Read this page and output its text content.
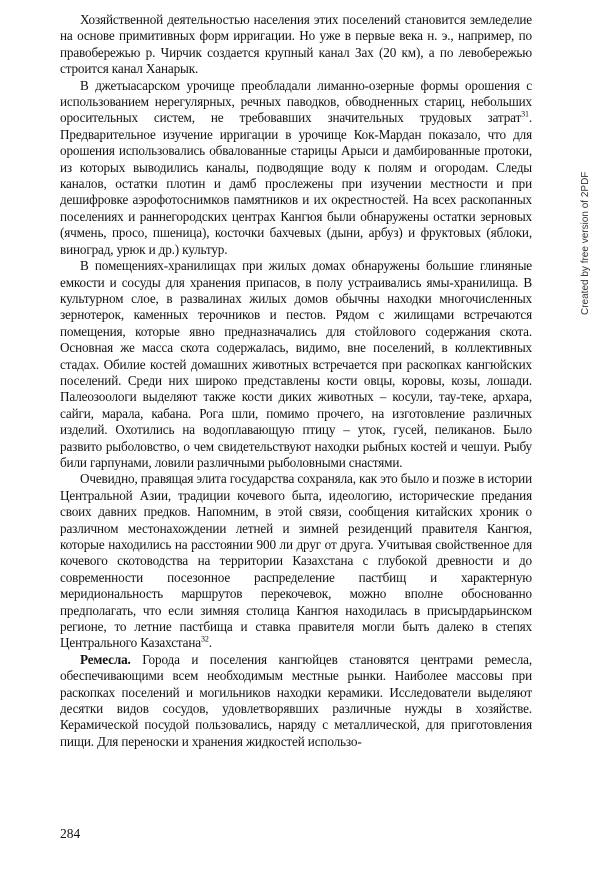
Хозяйственной деятельностью населения этих поселений становится земледелие на основе примитивных форм ирригации. Но уже в первые века н. э., например, по правобережью р. Чирчик создается крупный канал Зах (20 км), а по левобережью строится канал Ханарык.

В джетыасарском урочище преобладали лиманно-озерные формы орошения с использованием нерегулярных, речных паводков, обводненных стариц, небольших оросительных систем, не требовавших значительных трудовых затрат$^{31}$. Предварительное изучение ирригации в урочище Кок-Мардан показало, что для орошения использовались обвалованные старицы Арыси и дамбированные протоки, из которых выводились каналы, подводящие воду к полям и огородам. Следы каналов, остатки плотин и дамб прослежены при изучении местности и при дешифровке аэрофотоснимков памятников и их окрестностей. На всех раскопанных поселениях и раннегородских центрах Кангюя были обнаружены остатки зерновых (ячмень, просо, пшеница), косточки бахчевых (дыни, арбуз) и фруктовых (яблоки, виноград, урюк и др.) культур.

В помещениях-хранилищах при жилых домах обнаружены большие глиняные емкости и сосуды для хранения припасов, в полу устраивались ямы-хранилища. В культурном слое, в развалинах жилых домов обычны находки многочисленных зернотерок, каменных терочников и пестов. Рядом с жилищами встречаются помещения, которые явно предназначались для стойлового содержания скота. Основная же масса скота содержалась, видимо, вне поселений, в коллективных стадах. Обилие костей домашних животных встречается при раскопках кангюйских поселений. Среди них широко представлены кости овцы, коровы, козы, лошади. Палеозоологи выделяют также кости диких животных – косули, тау-теке, архара, сайги, марала, кабана. Рога шли, помимо прочего, на изготовление различных изделий. Охотились на водоплавающую птицу – уток, гусей, пеликанов. Было развито рыболовство, о чем свидетельствуют находки рыбных костей и чешуи. Рыбу били гарпунами, ловили различными рыболовными снастями.

Очевидно, правящая элита государства сохраняла, как это было и позже в истории Центральной Азии, традиции кочевого быта, идеологию, исторические предания своих давних предков. Напомним, в этой связи, сообщения китайских хроник о различном местонахождении летней и зимней резиденций правителя Кангюя, которые находились на расстоянии 900 ли друг от друга. Учитывая свойственное для кочевого скотоводства на территории Казахстана с глубокой древности и до современности посезонное распределение пастбищ и характерную меридиональность маршрутов перекочевок, можно вполне обоснованно предполагать, что если зимняя столица Кангюя находилась в присырдарьинском регионе, то летние пастбища и ставка правителя могли быть далеко в степях Центрального Казахстана$^{32}$.

Ремесла. Города и поселения кангюйцев становятся центрами ремесла, обеспечивающими всем необходимым местные рынки. Наиболее массовы при раскопках поселений и могильников находки керамики. Исследователи выделяют десятки видов сосудов, удовлетворявших различные нужды в хозяйстве. Керамической посудой пользовались, наряду с металлической, для приготовления пищи. Для переноски и хранения жидкостей использо-

284
Created by free version of 2PDF
